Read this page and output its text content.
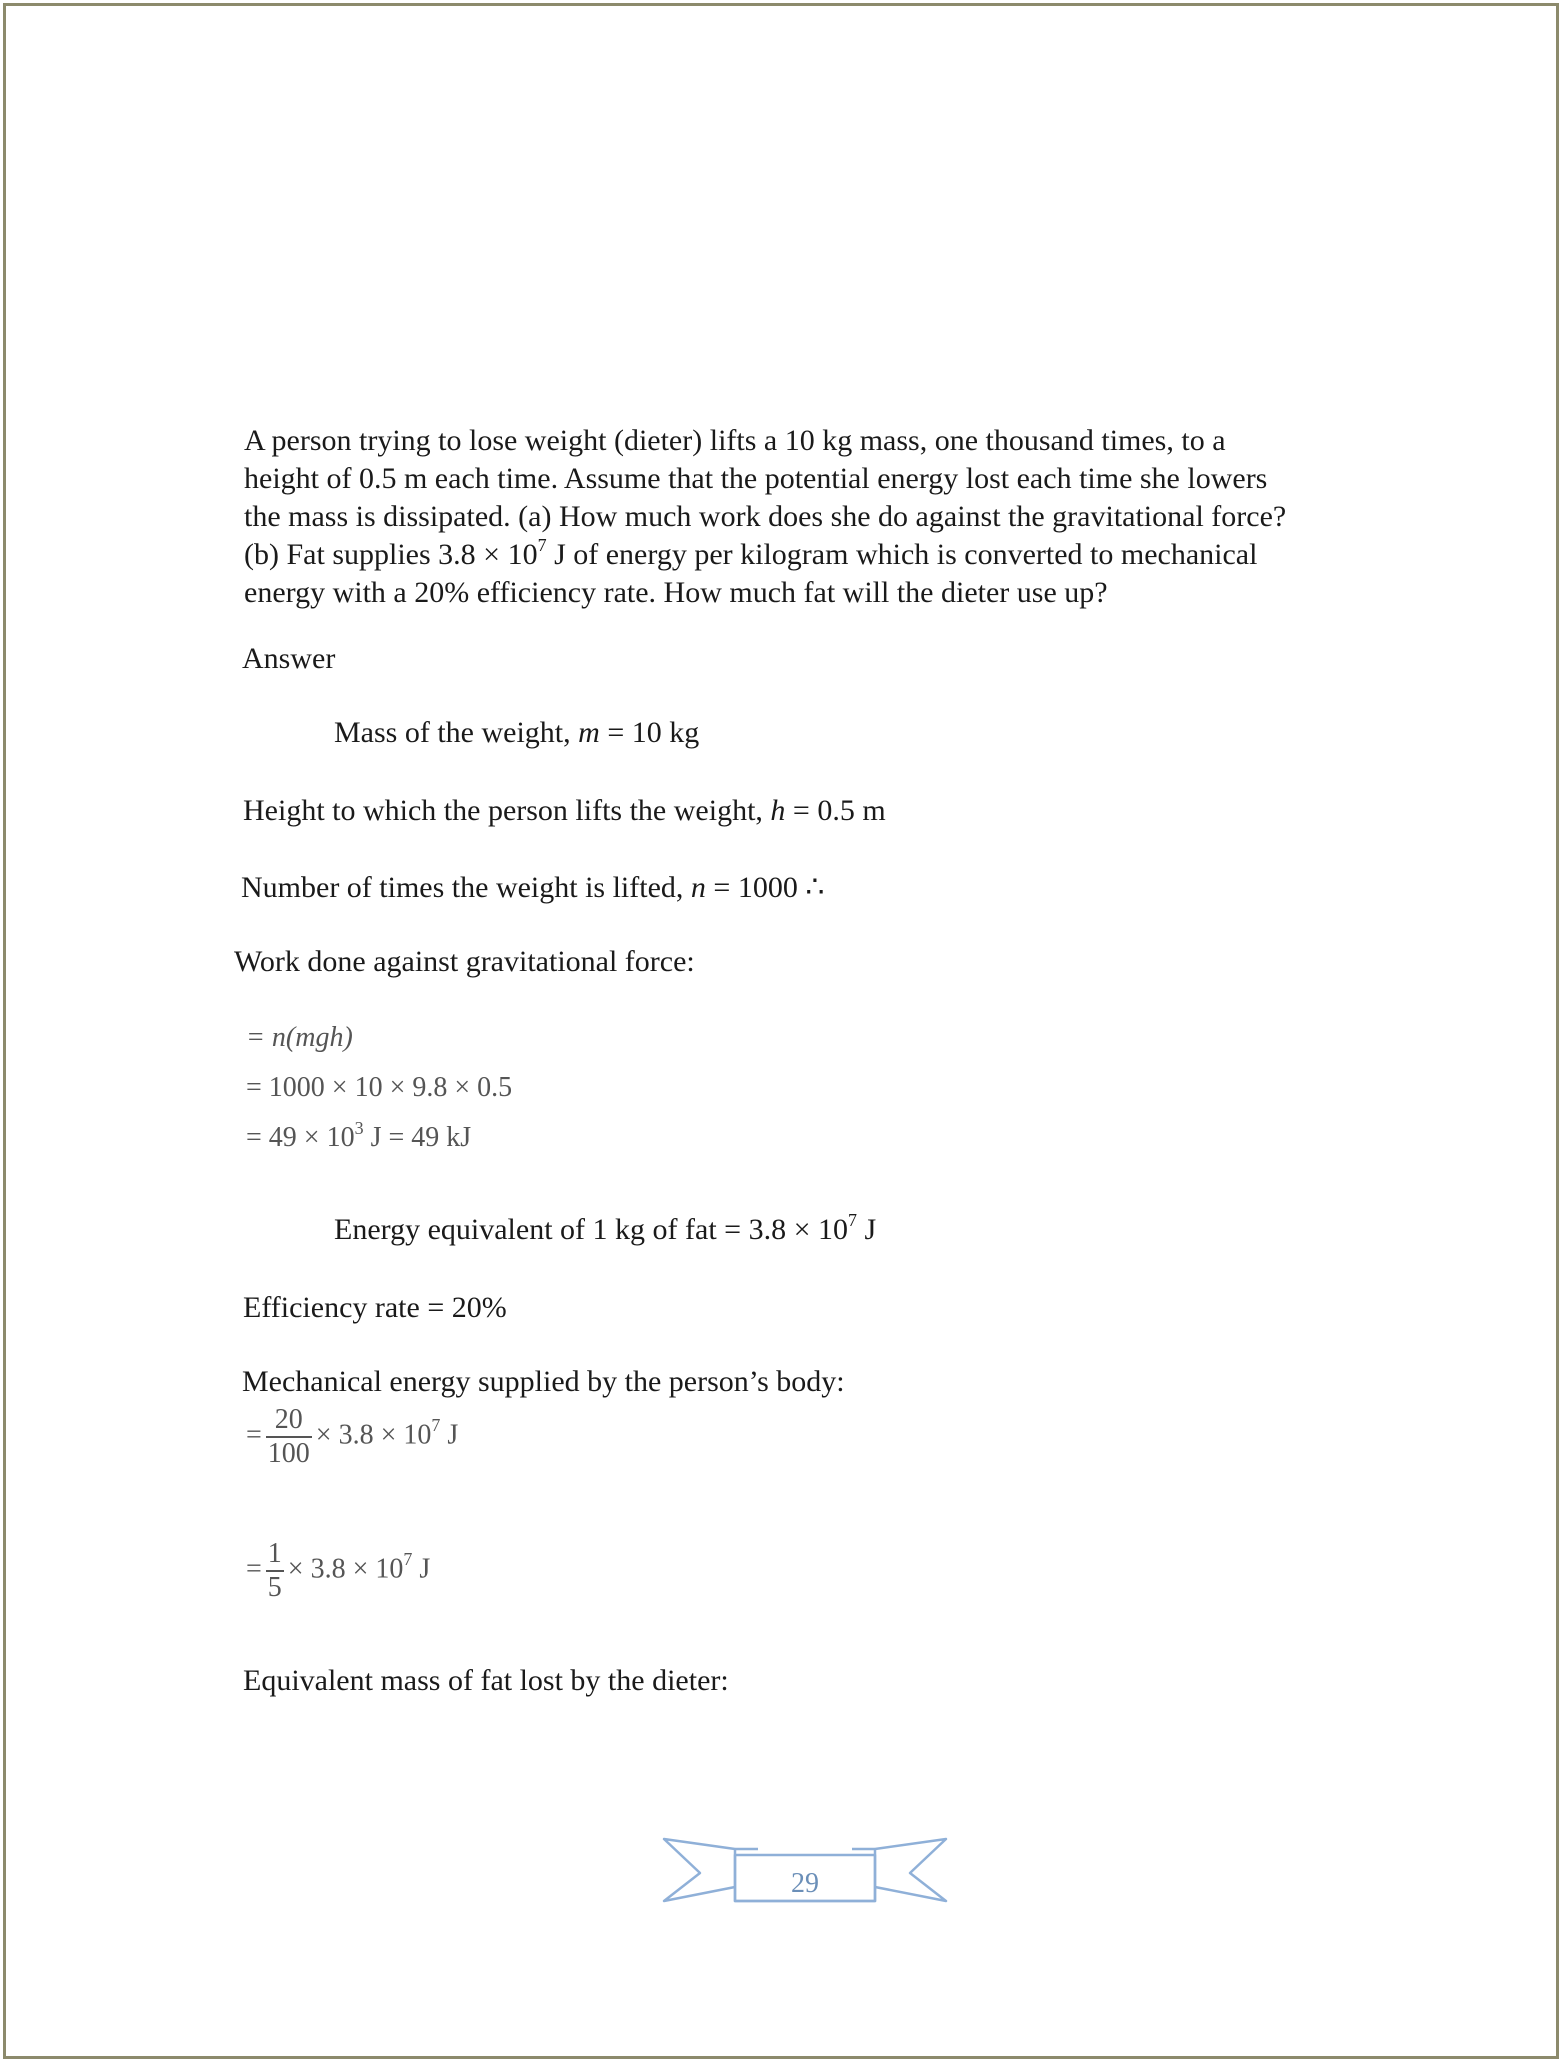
A person trying to lose weight (dieter) lifts a 10 kg mass, one thousand times, to a
height of 0.5 m each time. Assume that the potential energy lost each time she lowers
the mass is dissipated. (a) How much work does she do against the gravitational force?
(b) Fat supplies $3.8 \times 10^7$ J of energy per kilogram which is converted to mechanical
energy with a 20% efficiency rate. How much fat will the dieter use up?
Answer
Mass of the weight, m = 10 kg
Height to which the person lifts the weight, h = 0.5 m
Number of times the weight is lifted, n = 1000 ∴
Work done against gravitational force:
= n(mgh)
= 1000 × 10 × 9.8 × 0.5
= $49 \times 10^3$ J = 49 kJ
Energy equivalent of 1 kg of fat = $3.8 \times 10^7$ J
Efficiency rate = 20%
Mechanical energy supplied by the person’s body:
= $\frac{20}{100} \times 3.8 \times 10^7$ J
= $\frac{1}{5} \times 3.8 \times 10^7$ J
Equivalent mass of fat lost by the dieter:
29
